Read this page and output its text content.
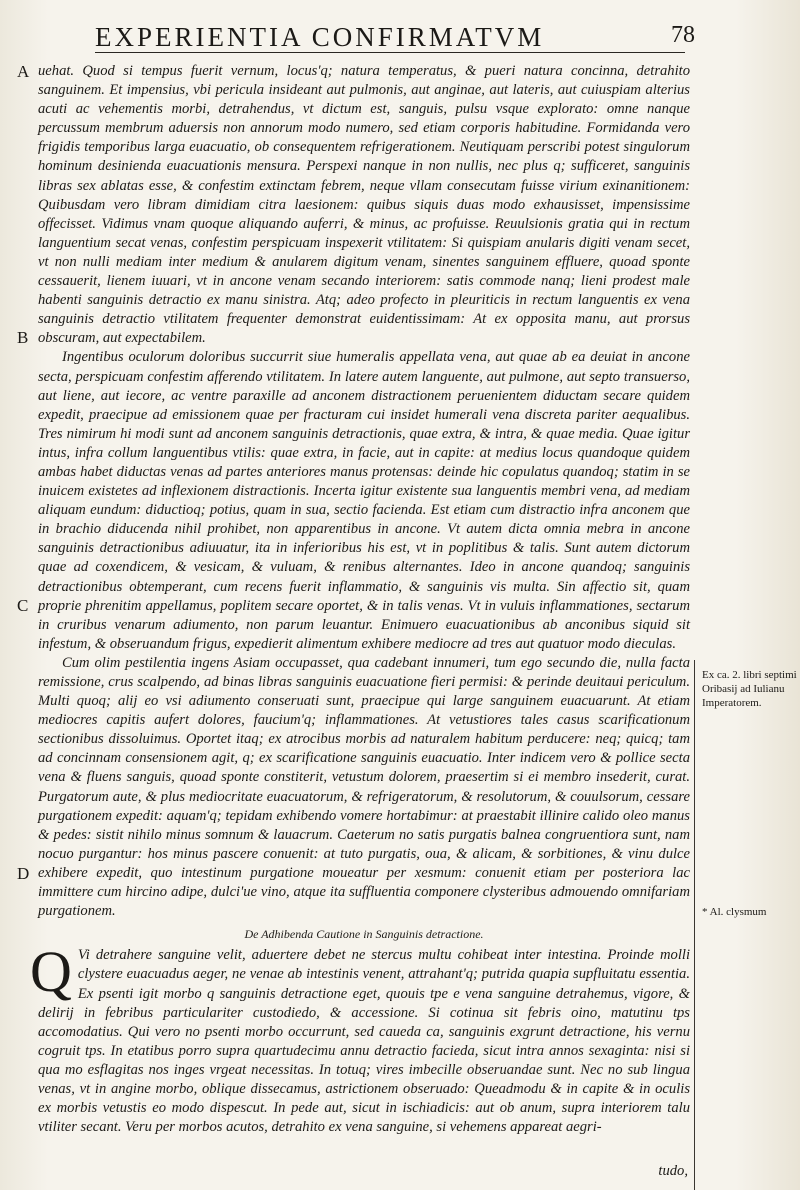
EXPERIENTIA CONFIRMATVM	78
A
B
C
D

uehat. Quod si tempus fuerit vernum, locus'q; natura temperatus, & pueri natura concinna, detrahito sanguinem. Et impensius, vbi pericula insideant aut pulmonis, aut anginae, aut lateris, aut cuiuspiam alterius acuti ac vehementis morbi, detrahendus, vt dictum est, sanguis, pulsu vsque explorato: omne nanque percussum membrum aduersis non annorum modo numero, sed etiam corporis habitudine. Formidanda vero frigidis temporibus larga euacuatio, ob consequentem refrigerationem. Neutiquam perscribi potest singulorum hominum desinienda euacuationis mensura. Perspexi nanque in non nullis, nec plus q; sufficeret, sanguinis libras sex ablatas esse, & confestim extinctam febrem, neque vllam consecutam fuisse virium exinanitionem: Quibusdam vero libram dimidiam citra laesionem: quibus siquis duas modo exhausisset, impensissime offecisset. Vidimus vnam quoque aliquando auferri, & minus, ac profuisse. Reuulsionis gratia qui in rectum languentium secat venas, confestim perspicuam inspexerit vtilitatem: Si quispiam anularis digiti venam secet, vt non nulli mediam inter medium & anularem digitum venam, sinentes sanguinem effluere, quoad sponte cessauerit, lienem iuuari, vt in ancone venam secando interiorem: satis commode nanq; lieni prodest male habenti sanguinis detractio ex manu sinistra. Atq; adeo profecto in pleuriticis in rectum languentis ex vena sanguinis detractio vtilitatem frequenter demonstrat euidentissimam: At ex opposita manu, aut prorsus obscuram, aut expectabilem.

Ingentibus oculorum doloribus succurrit siue humeralis appellata vena, aut quae ab ea deuiat in ancone secta, perspicuam confestim afferendo vtilitatem. In latere autem languente, aut pulmone, aut septo transuerso, aut liene, aut iecore, ac ventre paraxille ad anconem distractionem peruenientem diductam secare quidem expedit, praecipue ad emissionem quae per fracturam cui insidet humerali vena discreta pariter aequalibus. Tres nimirum hi modi sunt ad anconem sanguinis detractionis, quae extra, & intra, & quae media. Quae igitur intus, infra collum languentibus vtilis: quae extra, in facie, aut in capite: at medius locus quandoque quidem ambas habet diductas venas ad partes anteriores manus protensas: deinde hic copulatus quandoq; statim in se inuicem existetes ad inflexionem distractionis. Incerta igitur existente sua languentis membri vena, ad mediam aliquam eundum: diductioq; potius, quam in sua, sectio facienda. Est etiam cum distractio infra anconem que in brachio diducenda nihil prohibet, non apparentibus in ancone. Vt autem dicta omnia mebra in ancone sanguinis detractionibus adiuuatur, ita in inferioribus his est, vt in poplitibus & talis. Sunt autem dictorum quae ad coxendicem, & vesicam, & vuluam, & renibus alternantes. Ideo in ancone quandoq; sanguinis detractionibus obtemperant, cum recens fuerit inflammatio, & sanguinis vis multa. Sin affectio sit, quam proprie phrenitim appellamus, poplitem secare oportet, & in talis venas. Vt in vuluis inflammationes, sectarum in cruribus venarum adiumento, non parum leuantur. Enimuero euacuationibus ab anconibus siquid sit infestum, & obseruandum frigus, expedierit alimentum exhibere mediocre ad tres aut quatuor modo dieculas.

Cum olim pestilentia ingens Asiam occupasset, qua cadebant innumeri, tum ego secundo die, nulla facta remissione, crus scalpendo, ad binas libras sanguinis euacuatione fieri permisi: & perinde deuitaui periculum. Multi quoq; alij eo vsi adiumento conseruati sunt, praecipue qui large sanguinem euacuarunt. At etiam mediocres capitis aufert dolores, faucium'q; inflammationes. At vetustiores tales casus scarificationum sectionibus dissoluimus. Oportet itaq; ex atrocibus morbis ad naturalem habitum perducere: neq; quicq; tam ad concinnam consensionem agit, q; ex scarificatione sanguinis euacuatio. Inter indicem vero & pollice secta vena & fluens sanguis, quoad sponte constiterit, vetustum dolorem, praesertim si ei membro insederit, curat. Purgatorum aute, & plus mediocritate euacuatorum, & refrigeratorum, & resolutorum, & couulsorum, cessare purgationem expedit: aquam'q; tepidam exhibendo vomere hortabimur: at praestabit illinire calido oleo manus & pedes: sistit nihilo minus somnum & lauacrum. Caeterum no satis purgatis balnea congruentiora sunt, nam nocuo purgantur: hos minus pascere conuenit: at tuto purgatis, oua, & alicam, & sorbitiones, & vinu dulce exhibere expedit, quo intestinum purgatione moueatur per xesmum: conuenit etiam per posteriora lac immittere cum hircino adipe, dulci'ue vino, atque ita suffluentia componere clysteribus admouendo omnifariam purgationem.

De Adhibenda Cautione in Sanguinis detractione.

Q Vi detrahere sanguine velit, aduertere debet ne stercus multu cohibeat inter intestina. Proinde molli clystere euacuadus aeger, ne venae ab intestinis venent, attrahant'q; putrida quapia supfluitatu essentia. Ex psenti igit morbo q sanguinis detractione eget, quouis tpe e vena sanguine detrahemus, vigore, & delirij in febribus particulariter custodiedo, & accessione. Si cotinua sit febris oino, matutinu tps accomodatius. Qui vero no psenti morbo occurrunt, sed caueda ca, sanguinis exgrunt detractione, his vernu cogruit tps. In etatibus porro supra quartudecimu annu detractio facieda, sicut intra annos sexaginta: nisi si qua mo esflagitas nos inges vrgeat necessitas. In totuq; vires imbecille obseruandae sunt. Nec no sub lingua venas, vt in angine morbo, oblique dissecamus, astrictionem obseruado: Queadmodu & in capite & in oculis ex morbis vetustis eo modo dispescut. In pede aut, sicut in ischiadicis: aut ob anum, supra interiorem talu vtiliter secant. Veru per morbos acutos, detrahito ex vena sanguine, si vehemens appareat aegri-

Ex ca. 2. libri septimi Oribasij ad Iulianu Imperatorem.
* Al. clysmum
tudo,
